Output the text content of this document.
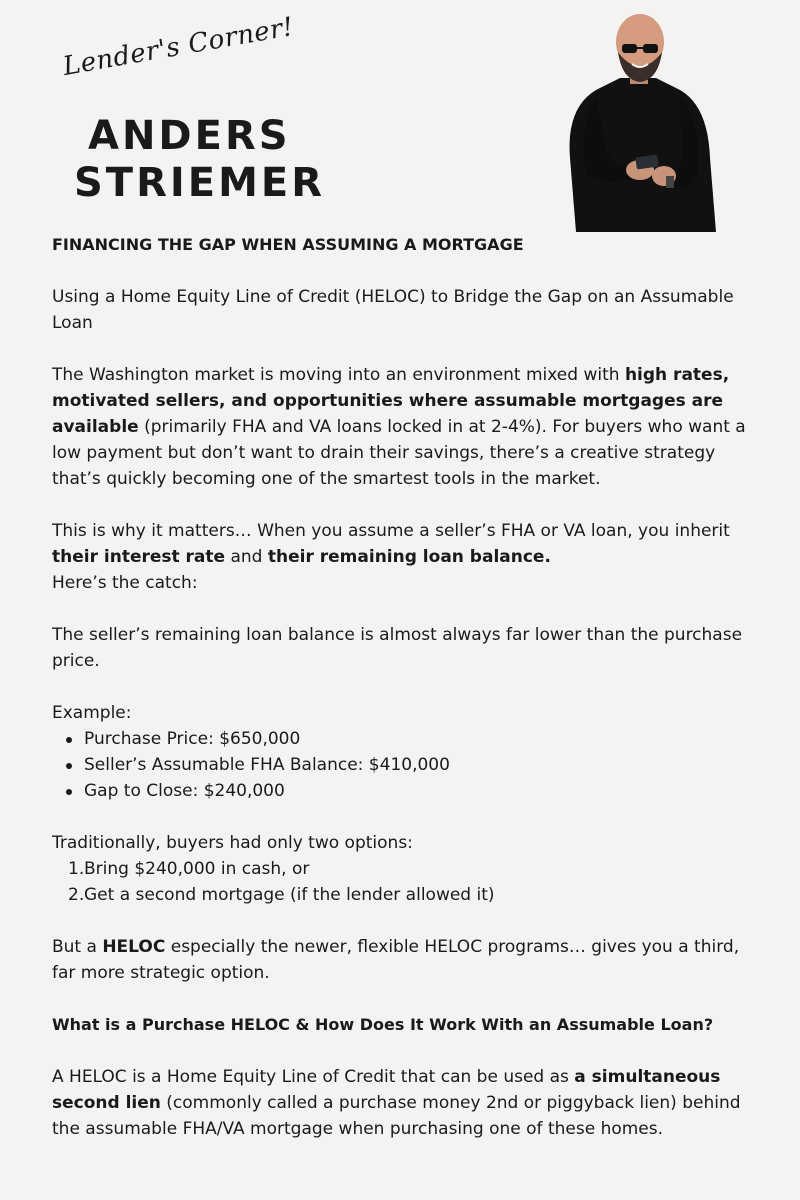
Lender's Corner!
ANDERS
STRIEMER

FINANCING THE GAP WHEN ASSUMING A MORTGAGE

Using a Home Equity Line of Credit (HELOC) to Bridge the Gap on an Assumable Loan

The Washington market is moving into an environment mixed with high rates, motivated sellers, and opportunities where assumable mortgages are available (primarily FHA and VA loans locked in at 2-4%). For buyers who want a low payment but don’t want to drain their savings, there’s a creative strategy that’s quickly becoming one of the smartest tools in the market.

This is why it matters… When you assume a seller’s FHA or VA loan, you inherit their interest rate and their remaining loan balance.
Here’s the catch:

The seller’s remaining loan balance is almost always far lower than the purchase price.

Example:

Purchase Price: $650,000
Seller’s Assumable FHA Balance: $410,000
Gap to Close: $240,000

Traditionally, buyers had only two options:

1. Bring $240,000 in cash, or
2. Get a second mortgage (if the lender allowed it)

But a HELOC especially the newer, flexible HELOC programs… gives you a third, far more strategic option.

What is a Purchase HELOC & How Does It Work With an Assumable Loan?

A HELOC is a Home Equity Line of Credit that can be used as a simultaneous second lien (commonly called a purchase money 2nd or piggyback lien) behind the assumable FHA/VA mortgage when purchasing one of these homes.
